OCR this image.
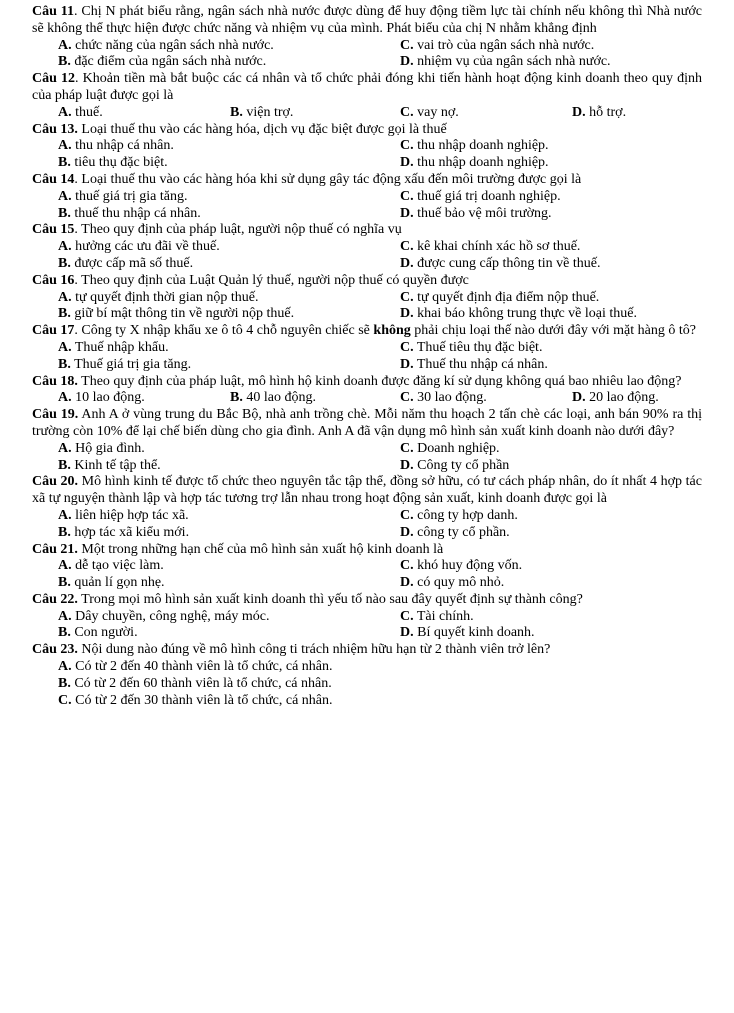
Câu 11. Chị N phát biểu rằng, ngân sách nhà nước được dùng để huy động tiềm lực tài chính nếu không thì Nhà nước sẽ không thể thực hiện được chức năng và nhiệm vụ của mình. Phát biểu của chị N nhằm khẳng định

A. chức năng của ngân sách nhà nước.	C. vai trò của ngân sách nhà nước.
B. đặc điểm của ngân sách nhà nước.	D. nhiệm vụ của ngân sách nhà nước.

Câu 12. Khoản tiền mà bắt buộc các cá nhân và tổ chức phải đóng khi tiến hành hoạt động kinh doanh theo quy định của pháp luật được gọi là

A. thuế.	B. viện trợ.	C. vay nợ.	D. hỗ trợ.

Câu 13. Loại thuế thu vào các hàng hóa, dịch vụ đặc biệt được gọi là thuế

A. thu nhập cá nhân.	C. thu nhập doanh nghiệp.
B. tiêu thụ đặc biệt.	D. thu nhập doanh nghiệp.

Câu 14. Loại thuế thu vào các hàng hóa khi sử dụng gây tác động xấu đến môi trường được gọi là

A. thuế giá trị gia tăng.	C. thuế giá trị doanh nghiệp.
B. thuế thu nhập cá nhân.	D. thuế bảo vệ môi trường.

Câu 15. Theo quy định của pháp luật, người nộp thuế có nghĩa vụ

A. hưởng các ưu đãi về thuế.	C. kê khai chính xác hồ sơ thuế.
B. được cấp mã số thuế.	D. được cung cấp thông tin về thuế.

Câu 16. Theo quy định của Luật Quản lý thuế, người nộp thuế có quyền được

A. tự quyết định thời gian nộp thuế.	C. tự quyết định địa điểm nộp thuế.
B. giữ bí mật thông tin về người nộp thuế.	D. khai báo không trung thực về loại thuế.

Câu 17. Công ty X nhập khẩu xe ô tô 4 chỗ nguyên chiếc sẽ không phải chịu loại thế nào dưới đây với mặt hàng ô tô?

A. Thuế nhập khẩu.	C. Thuế tiêu thụ đặc biệt.
B. Thuế giá trị gia tăng.	D. Thuế thu nhập cá nhân.

Câu 18. Theo quy định của pháp luật, mô hình hộ kinh doanh được đăng kí sử dụng không quá bao nhiêu lao động?

A. 10 lao động.	B. 40 lao động.	C. 30 lao động.	D. 20 lao động.

Câu 19. Anh A ở vùng trung du Bắc Bộ, nhà anh trồng chè. Mỗi năm thu hoạch 2 tấn chè các loại, anh bán 90% ra thị trường còn 10% để lại chế biến dùng cho gia đình. Anh A đã vận dụng mô hình sản xuất kinh doanh nào dưới đây?

A. Hộ gia đình.	C. Doanh nghiệp.
B. Kinh tế tập thể.	D. Công ty cổ phần

Câu 20. Mô hình kinh tế được tổ chức theo nguyên tắc tập thể, đồng sở hữu, có tư cách pháp nhân, do ít nhất 4 hợp tác xã tự nguyện thành lập và hợp tác tương trợ lẫn nhau trong hoạt động sản xuất, kinh doanh được gọi là

A. liên hiệp hợp tác xã.	C. công ty hợp danh.
B. hợp tác xã kiểu mới.	D. công ty cổ phần.

Câu 21. Một trong những hạn chế của mô hình sản xuất hộ kinh doanh là

A. dễ tạo việc làm.	C. khó huy động vốn.
B. quản lí gọn nhẹ.	D. có quy mô nhỏ.

Câu 22. Trong mọi mô hình sản xuất kinh doanh thì yếu tố nào sau đây quyết định sự thành công?

A. Dây chuyền, công nghệ, máy móc.	C. Tài chính.
B. Con người.	D. Bí quyết kinh doanh.

Câu 23. Nội dung nào đúng về mô hình công ti trách nhiệm hữu hạn từ 2 thành viên trở lên?

A. Có từ 2 đến 40 thành viên là tổ chức, cá nhân.
B. Có từ 2 đến 60 thành viên là tổ chức, cá nhân.
C. Có từ 2 đến 30 thành viên là tổ chức, cá nhân.
